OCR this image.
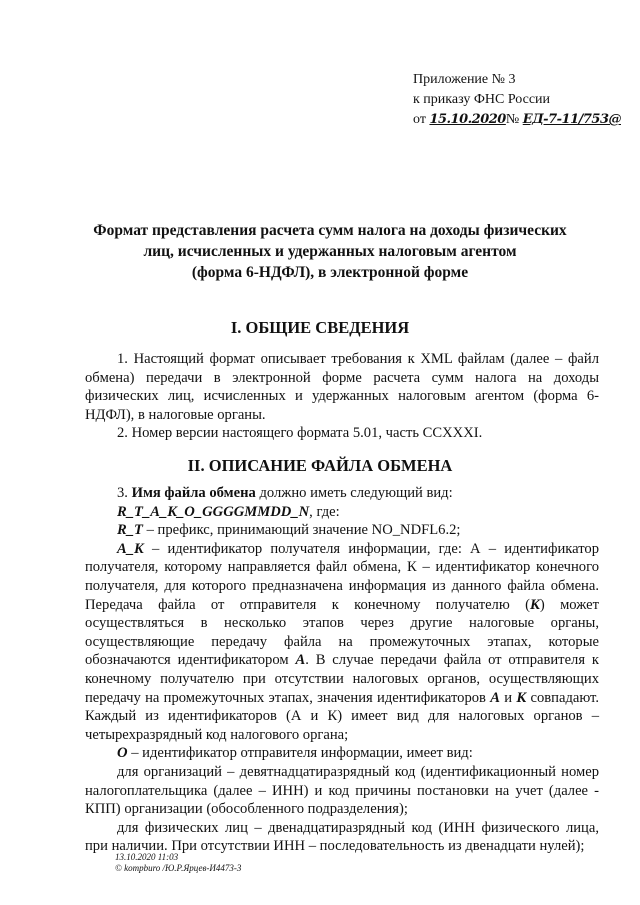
Приложение № 3
к приказу ФНС России
от 15.10.2020№ ЕД-7-11/753@
Формат представления расчета сумм налога на доходы физических
лиц, исчисленных и удержанных налоговым агентом
(форма 6-НДФЛ), в электронной форме
I. ОБЩИЕ СВЕДЕНИЯ

1. Настоящий формат описывает требования к XML файлам (далее – файл обмена) передачи в электронной форме расчета сумм налога на доходы физических лиц, исчисленных и удержанных налоговым агентом (форма 6-НДФЛ), в налоговые органы.

2. Номер версии настоящего формата 5.01, часть CCXXXI.

II. ОПИСАНИЕ ФАЙЛА ОБМЕНА

3. Имя файла обмена должно иметь следующий вид:

R_T_A_K_O_GGGGMMDD_N, где:

R_T – префикс, принимающий значение NO_NDFL6.2;

A_K – идентификатор получателя информации, где: А – идентификатор получателя, которому направляется файл обмена, К – идентификатор конечного получателя, для которого предназначена информация из данного файла обмена. Передача файла от отправителя к конечному получателю (К) может осуществляться в несколько этапов через другие налоговые органы, осуществляющие передачу файла на промежуточных этапах, которые обозначаются идентификатором А. В случае передачи файла от отправителя к конечному получателю при отсутствии налоговых органов, осуществляющих передачу на промежуточных этапах, значения идентификаторов А и К совпадают. Каждый из идентификаторов (А и К) имеет вид для налоговых органов – четырехразрядный код налогового органа;

О – идентификатор отправителя информации, имеет вид:

для организаций – девятнадцатиразрядный код (идентификационный номер налогоплательщика (далее – ИНН) и код причины постановки на учет (далее - КПП) организации (обособленного подразделения);

для физических лиц – двенадцатиразрядный код (ИНН физического лица, при наличии. При отсутствии ИНН – последовательность из двенадцати нулей);

13.10.2020 11:03
© kompburo /Ю.Р.Ярцев-И4473-3
